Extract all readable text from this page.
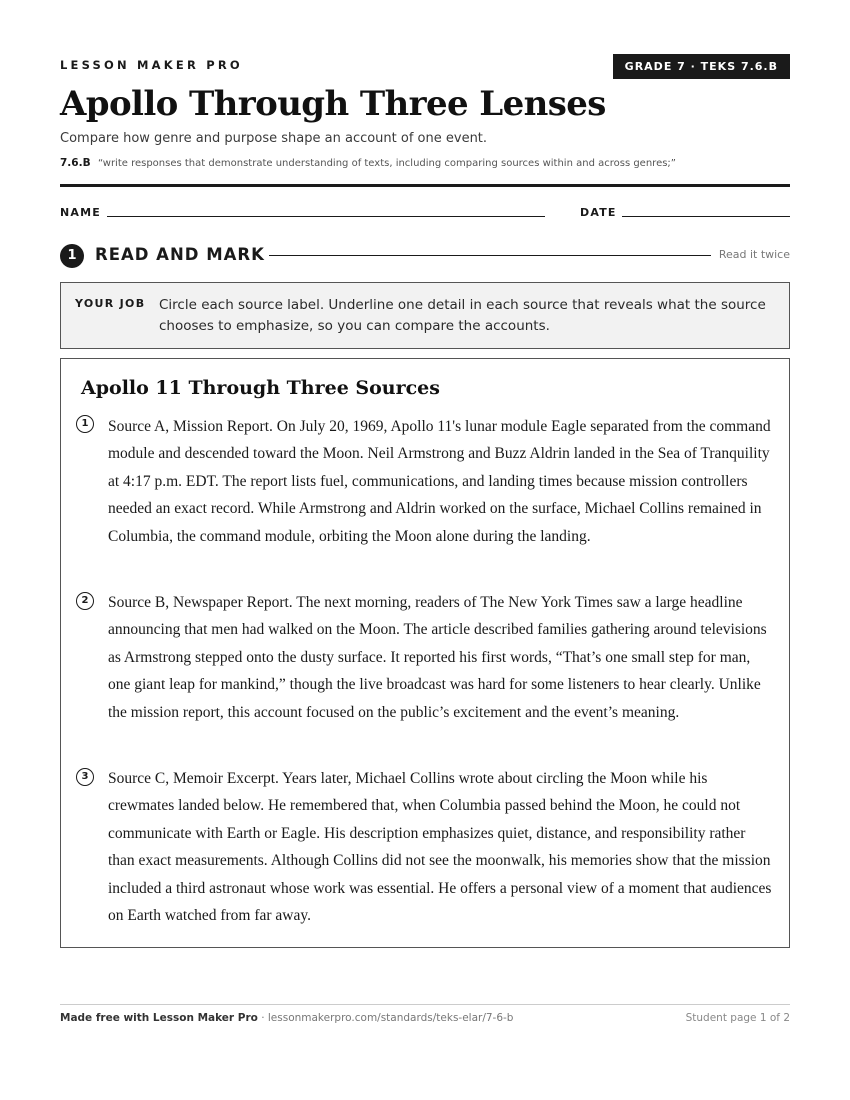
LESSON MAKER PRO	GRADE 7 · TEKS 7.6.B
Apollo Through Three Lenses
Compare how genre and purpose shape an account of one event.
7.6.B “write responses that demonstrate understanding of texts, including comparing sources within and across genres;”
NAME	DATE
1	READ AND MARK	Read it twice
YOUR JOB Circle each source label. Underline one detail in each source that reveals what the source chooses to emphasize, so you can compare the accounts.
Apollo 11 Through Three Sources
1	Source A, Mission Report. On July 20, 1969, Apollo 11's lunar module Eagle separated from the command module and descended toward the Moon. Neil Armstrong and Buzz Aldrin landed in the Sea of Tranquility at 4:17 p.m. EDT. The report lists fuel, communications, and landing times because mission controllers needed an exact record. While Armstrong and Aldrin worked on the surface, Michael Collins remained in Columbia, the command module, orbiting the Moon alone during the landing.

2	Source B, Newspaper Report. The next morning, readers of The New York Times saw a large headline announcing that men had walked on the Moon. The article described families gathering around televisions as Armstrong stepped onto the dusty surface. It reported his first words, “That’s one small step for man, one giant leap for mankind,” though the live broadcast was hard for some listeners to hear clearly. Unlike the mission report, this account focused on the public’s excitement and the event’s meaning.

3	Source C, Memoir Excerpt. Years later, Michael Collins wrote about circling the Moon while his crewmates landed below. He remembered that, when Columbia passed behind the Moon, he could not communicate with Earth or Eagle. His description emphasizes quiet, distance, and responsibility rather than exact measurements. Although Collins did not see the moonwalk, his memories show that the mission included a third astronaut whose work was essential. He offers a personal view of a moment that audiences on Earth watched from far away.

Made free with Lesson Maker Pro · lessonmakerpro.com/standards/teks-elar/7-6-b	Student page 1 of 2
